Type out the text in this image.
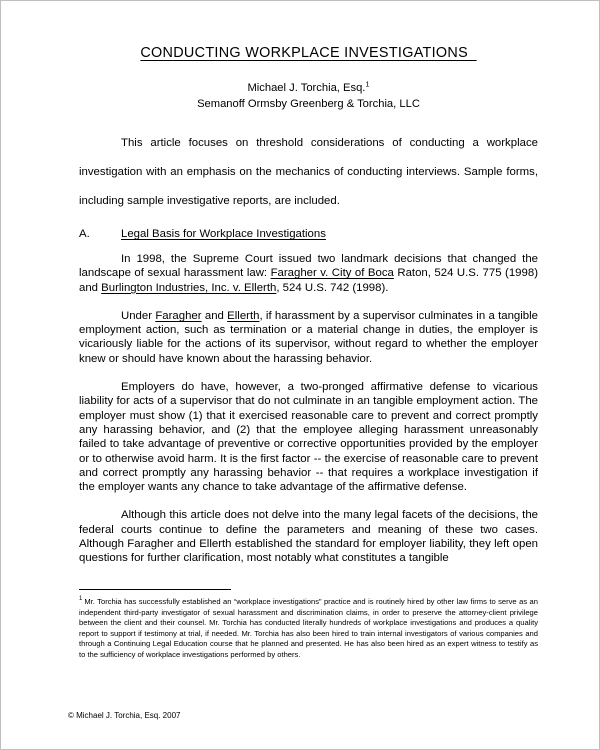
CONDUCTING WORKPLACE INVESTIGATIONS
Michael J. Torchia, Esq.$^1$
Semanoff Ormsby Greenberg & Torchia, LLC

This article focuses on threshold considerations of conducting a workplace investigation with an emphasis on the mechanics of conducting interviews. Sample forms, including sample investigative reports, are included.

A.	Legal Basis for Workplace Investigations

In 1998, the Supreme Court issued two landmark decisions that changed the landscape of sexual harassment law: Faragher v. City of Boca Raton, 524 U.S. 775 (1998) and Burlington Industries, Inc. v. Ellerth, 524 U.S. 742 (1998).

Under Faragher and Ellerth, if harassment by a supervisor culminates in a tangible employment action, such as termination or a material change in duties, the employer is vicariously liable for the actions of its supervisor, without regard to whether the employer knew or should have known about the harassing behavior.

Employers do have, however, a two-pronged affirmative defense to vicarious liability for acts of a supervisor that do not culminate in an tangible employment action. The employer must show (1) that it exercised reasonable care to prevent and correct promptly any harassing behavior, and (2) that the employee alleging harassment unreasonably failed to take advantage of preventive or corrective opportunities provided by the employer or to otherwise avoid harm. It is the first factor -- the exercise of reasonable care to prevent and correct promptly any harassing behavior -- that requires a workplace investigation if the employer wants any chance to take advantage of the affirmative defense.

Although this article does not delve into the many legal facets of the decisions, the federal courts continue to define the parameters and meaning of these two cases. Although Faragher and Ellerth established the standard for employer liability, they left open questions for further clarification, most notably what constitutes a tangible

$^1$ Mr. Torchia has successfully established an “workplace investigations” practice and is routinely hired by other law firms to serve as an independent third-party investigator of sexual harassment and discrimination claims, in order to preserve the attorney-client privilege between the client and their counsel. Mr. Torchia has conducted literally hundreds of workplace investigations and produces a quality report to support if testimony at trial, if needed. Mr. Torchia has also been hired to train internal investigators of various companies and through a Continuing Legal Education course that he planned and presented. He has also been hired as an expert witness to testify as to the sufficiency of workplace investigations performed by others.

© Michael J. Torchia, Esq. 2007
